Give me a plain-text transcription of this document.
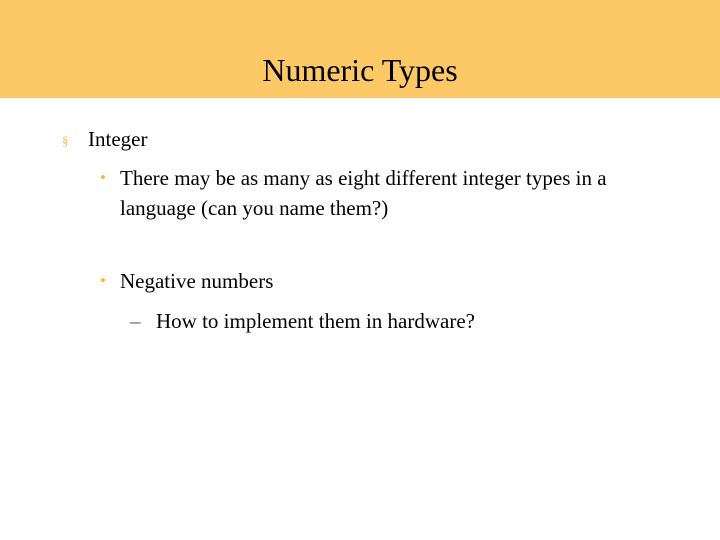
Numeric Types
§ Integer
• There may be as many as eight different integer types in a language (can you name them?)
• Negative numbers
– How to implement them in hardware?
